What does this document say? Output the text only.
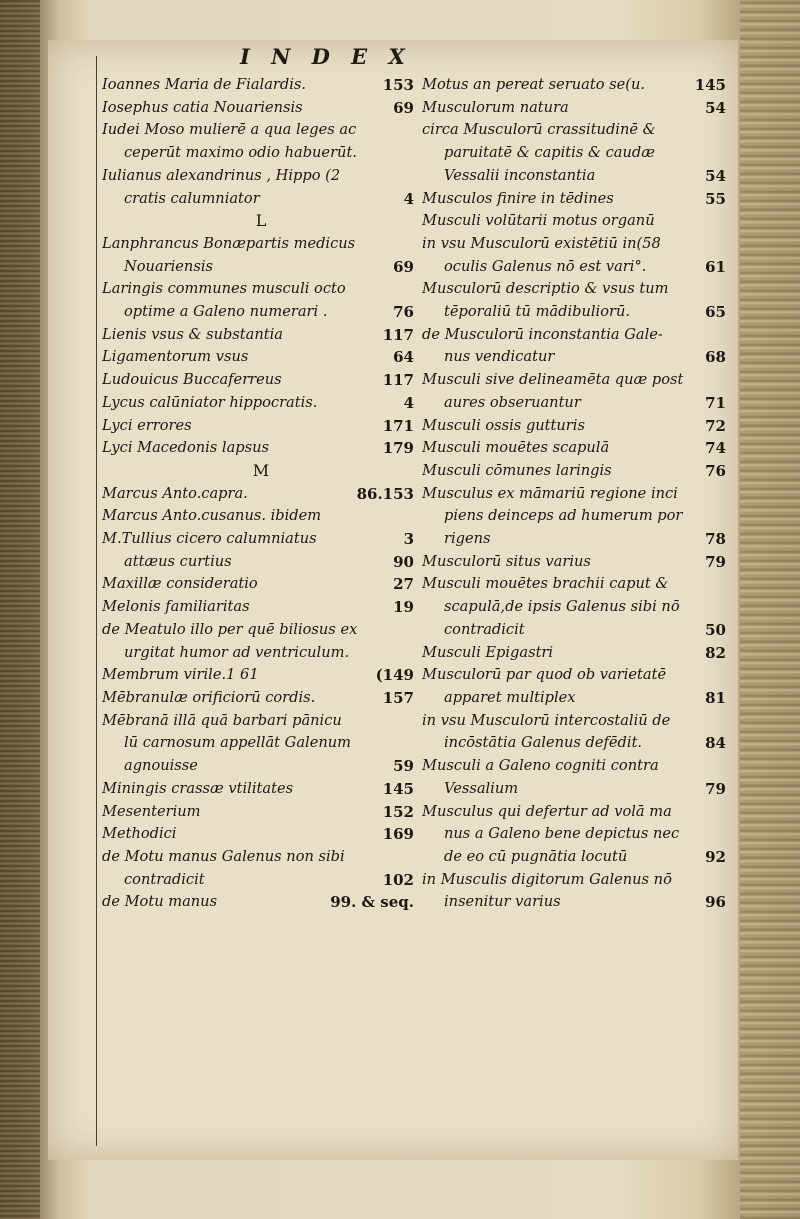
I N D E X
Ioannes Maria de Fialardis.	153
Iosephus catia Nouariensis	69
Iudei Moso mulierē a qua leges ac
ceperūt maximo odio habuerūt.
Iulianus alexandrinus , Hippo (2
cratis calumniator	4
L
Lanphrancus Bonæpartis medicus
Nouariensis	69
Laringis communes musculi octo
optime a Galeno numerari .	76
Lienis vsus & substantia	117
Ligamentorum vsus	64
Ludouicus Buccaferreus	117
Lycus calūniator hippocratis.	4
Lyci errores	171
Lyci Macedonis lapsus	179
M
Marcus Anto.capra.	86.153
Marcus Anto.cusanus. ibidem
M.Tullius cicero calumniatus	3
attæus curtius	90
Maxillæ consideratio	27
Melonis familiaritas	19
de Meatulo illo per quē biliosus ex
urgitat humor ad ventriculum.
Membrum virile.1 61	(149
Mēbranulæ orificiorū cordis.	157
Mēbranā illā quā barbari pānicu
lū carnosum appellāt Galenum
agnouisse	59
Miningis crassæ vtilitates	145
Mesenterium	152
Methodici	169
de Motu manus Galenus non sibi
contradicit	102
de Motu manus	99. & seq.
Motus an pereat seruato se(u.	145
Musculorum natura	54
circa Musculorū crassitudinē &
paruitatē & capitis & caudæ
Vessalii inconstantia	54
Musculos finire in tēdines	55
Musculi volūtarii motus organū
in vsu Musculorū existētiū in(58
oculis Galenus nō est vari°.	61
Musculorū descriptio & vsus tum
tēporaliū tū mādibuliorū.	65
de Musculorū inconstantia Gale-
nus vendicatur	68
Musculi sive delineamēta quæ post
aures obseruantur	71
Musculi ossis gutturis	72
Musculi mouētes scapulā	74
Musculi cōmunes laringis	76
Musculus ex māmariū regione inci
piens deinceps ad humerum por
rigens	78
Musculorū situs varius	79
Musculi mouētes brachii caput &
scapulā,de ipsis Galenus sibi nō
contradicit	50
Musculi Epigastri	82
Musculorū par quod ob varietatē
apparet multiplex	81
in vsu Musculorū intercostaliū de
incōstātia Galenus defēdit.	84
Musculi a Galeno cogniti contra
Vessalium	79
Musculus qui defertur ad volā ma
nus a Galeno bene depictus nec
de eo cū pugnātia locutū	92
in Musculis digitorum Galenus nō
insenitur varius	96
